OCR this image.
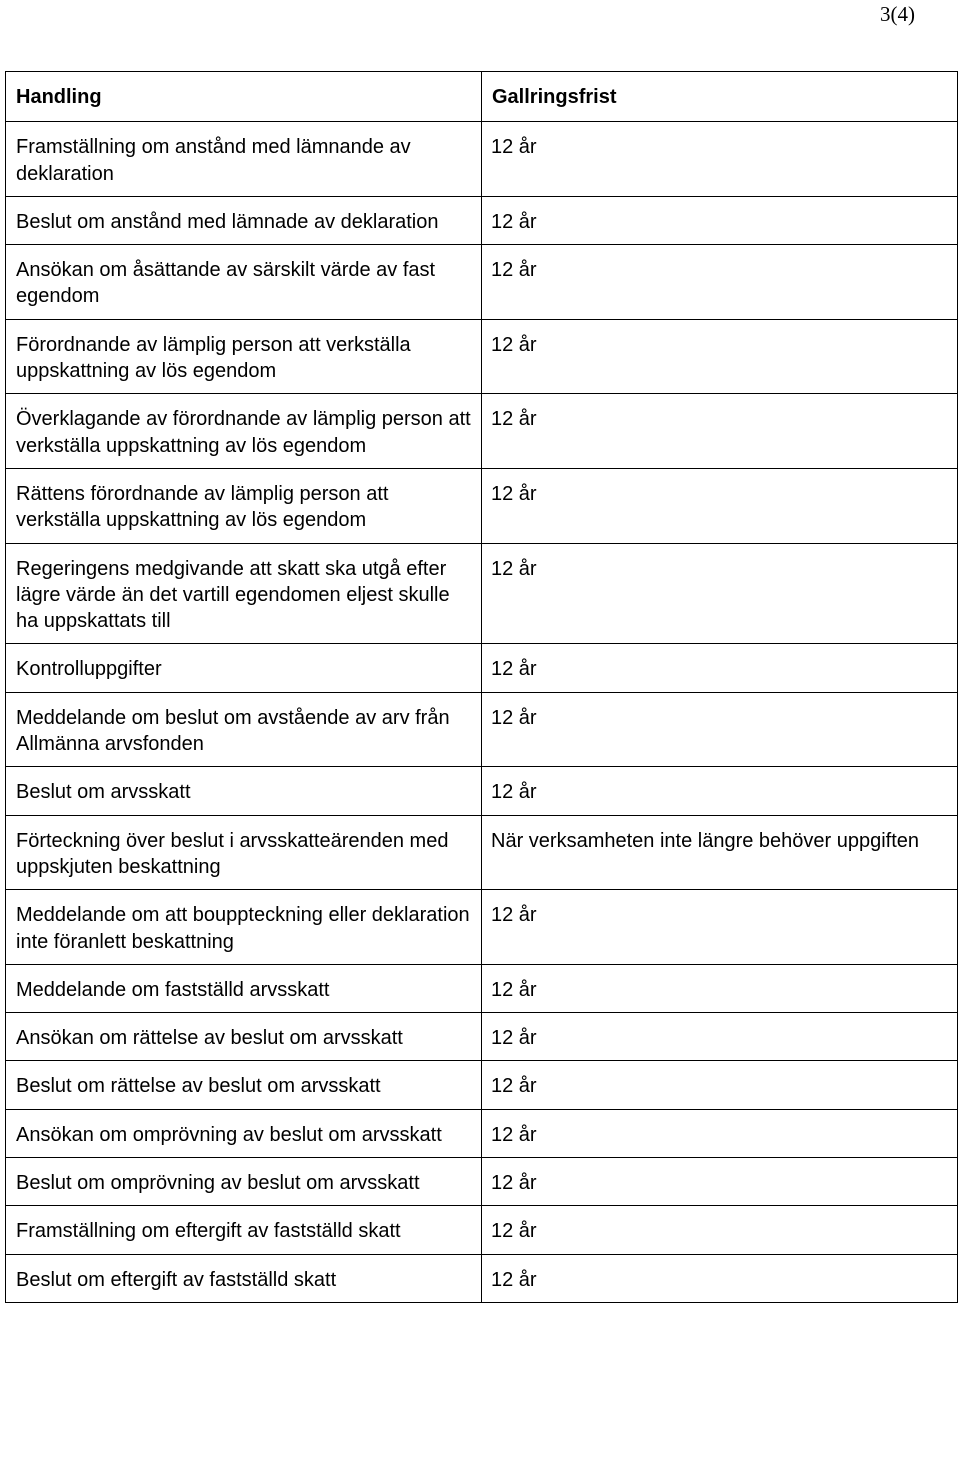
3(4)
Handling	Gallringsfrist
Framställning om anstånd med lämnande av deklaration	12 år
Beslut om anstånd med lämnade av deklaration	12 år
Ansökan om åsättande av särskilt värde av fast egendom	12 år
Förordnande av lämplig person att verkställa uppskattning av lös egendom	12 år
Överklagande av förordnande av lämplig person att verkställa uppskattning av lös egendom	12 år
Rättens förordnande av lämplig person att verkställa uppskattning av lös egendom	12 år
Regeringens medgivande att skatt ska utgå efter lägre värde än det vartill egendomen eljest skulle ha uppskattats till	12 år
Kontrolluppgifter	12 år
Meddelande om beslut om avstående av arv från Allmänna arvsfonden	12 år
Beslut om arvsskatt	12 år
Förteckning över beslut i arvsskatteärenden med uppskjuten beskattning	När verksamheten inte längre behöver uppgiften
Meddelande om att bouppteckning eller deklaration inte föranlett beskattning	12 år
Meddelande om fastställd arvsskatt	12 år
Ansökan om rättelse av beslut om arvsskatt	12 år
Beslut om rättelse av beslut om arvsskatt	12 år
Ansökan om omprövning av beslut om arvsskatt	12 år
Beslut om omprövning av beslut om arvsskatt	12 år
Framställning om eftergift av fastställd skatt	12 år
Beslut om eftergift av fastställd skatt	12 år
